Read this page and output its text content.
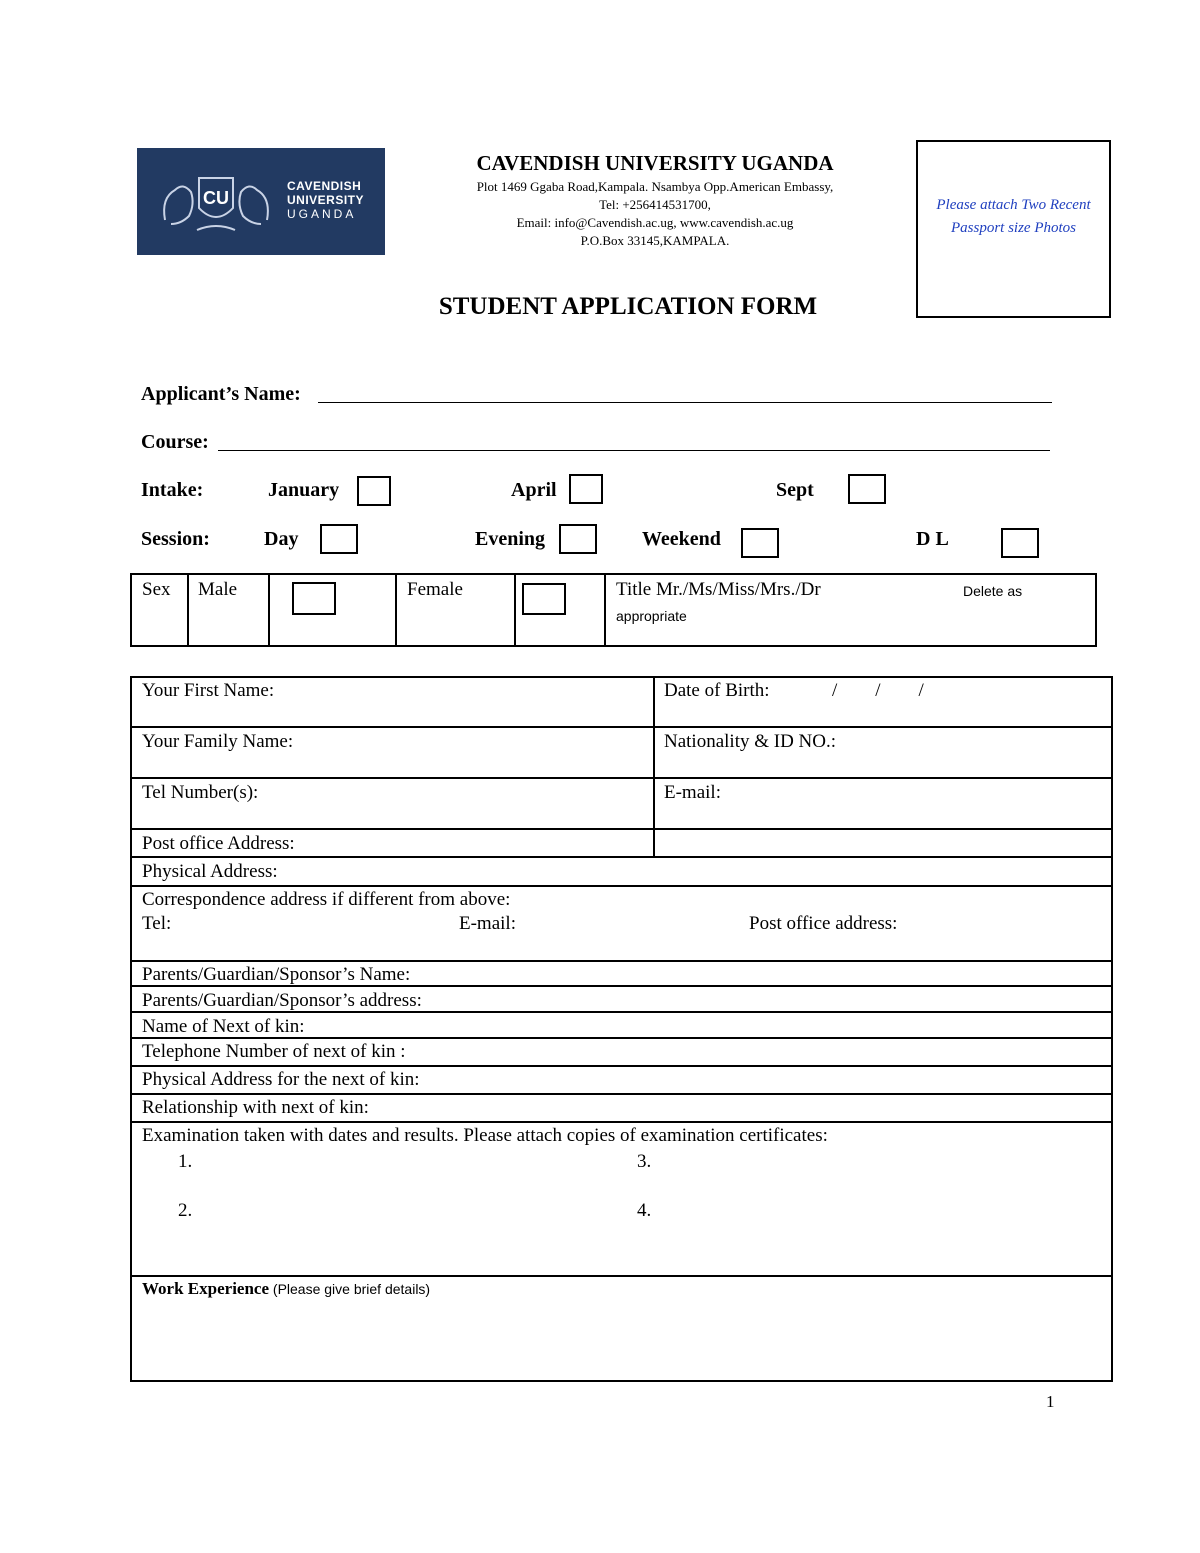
CU
CAVENDISH
UNIVERSITY
UGANDA
CAVENDISH UNIVERSITY UGANDA
Plot 1469 Ggaba Road,Kampala. Nsambya Opp.American Embassy,
Tel: +256414531700,
Email: info@Cavendish.ac.ug, www.cavendish.ac.ug
P.O.Box 33145,KAMPALA.
Please attach Two Recent Passport size Photos
STUDENT APPLICATION FORM
Applicant’s Name:
Course:
Intake:	January	April	Sept
Session:	Day	Evening	Weekend	D L
Sex Male	Female	Title Mr./Ms/Miss/Mrs./Dr	Delete as
appropriate
Your First Name:	Date of Birth:	/        /        /
Your Family Name:	Nationality & ID NO.:
Tel Number(s):	E-mail:
Post office Address:
Physical Address:
Correspondence address if different from above:
Tel:	E-mail:	Post office address:
Parents/Guardian/Sponsor’s Name:
Parents/Guardian/Sponsor’s address:
Name of Next of kin:
Telephone Number of next of kin :
Physical Address for the next of kin:
Relationship with next of kin:
Examination taken with dates and results. Please attach copies of examination certificates:
1.
2.
3.
4.
Work Experience (Please give brief details)
1
